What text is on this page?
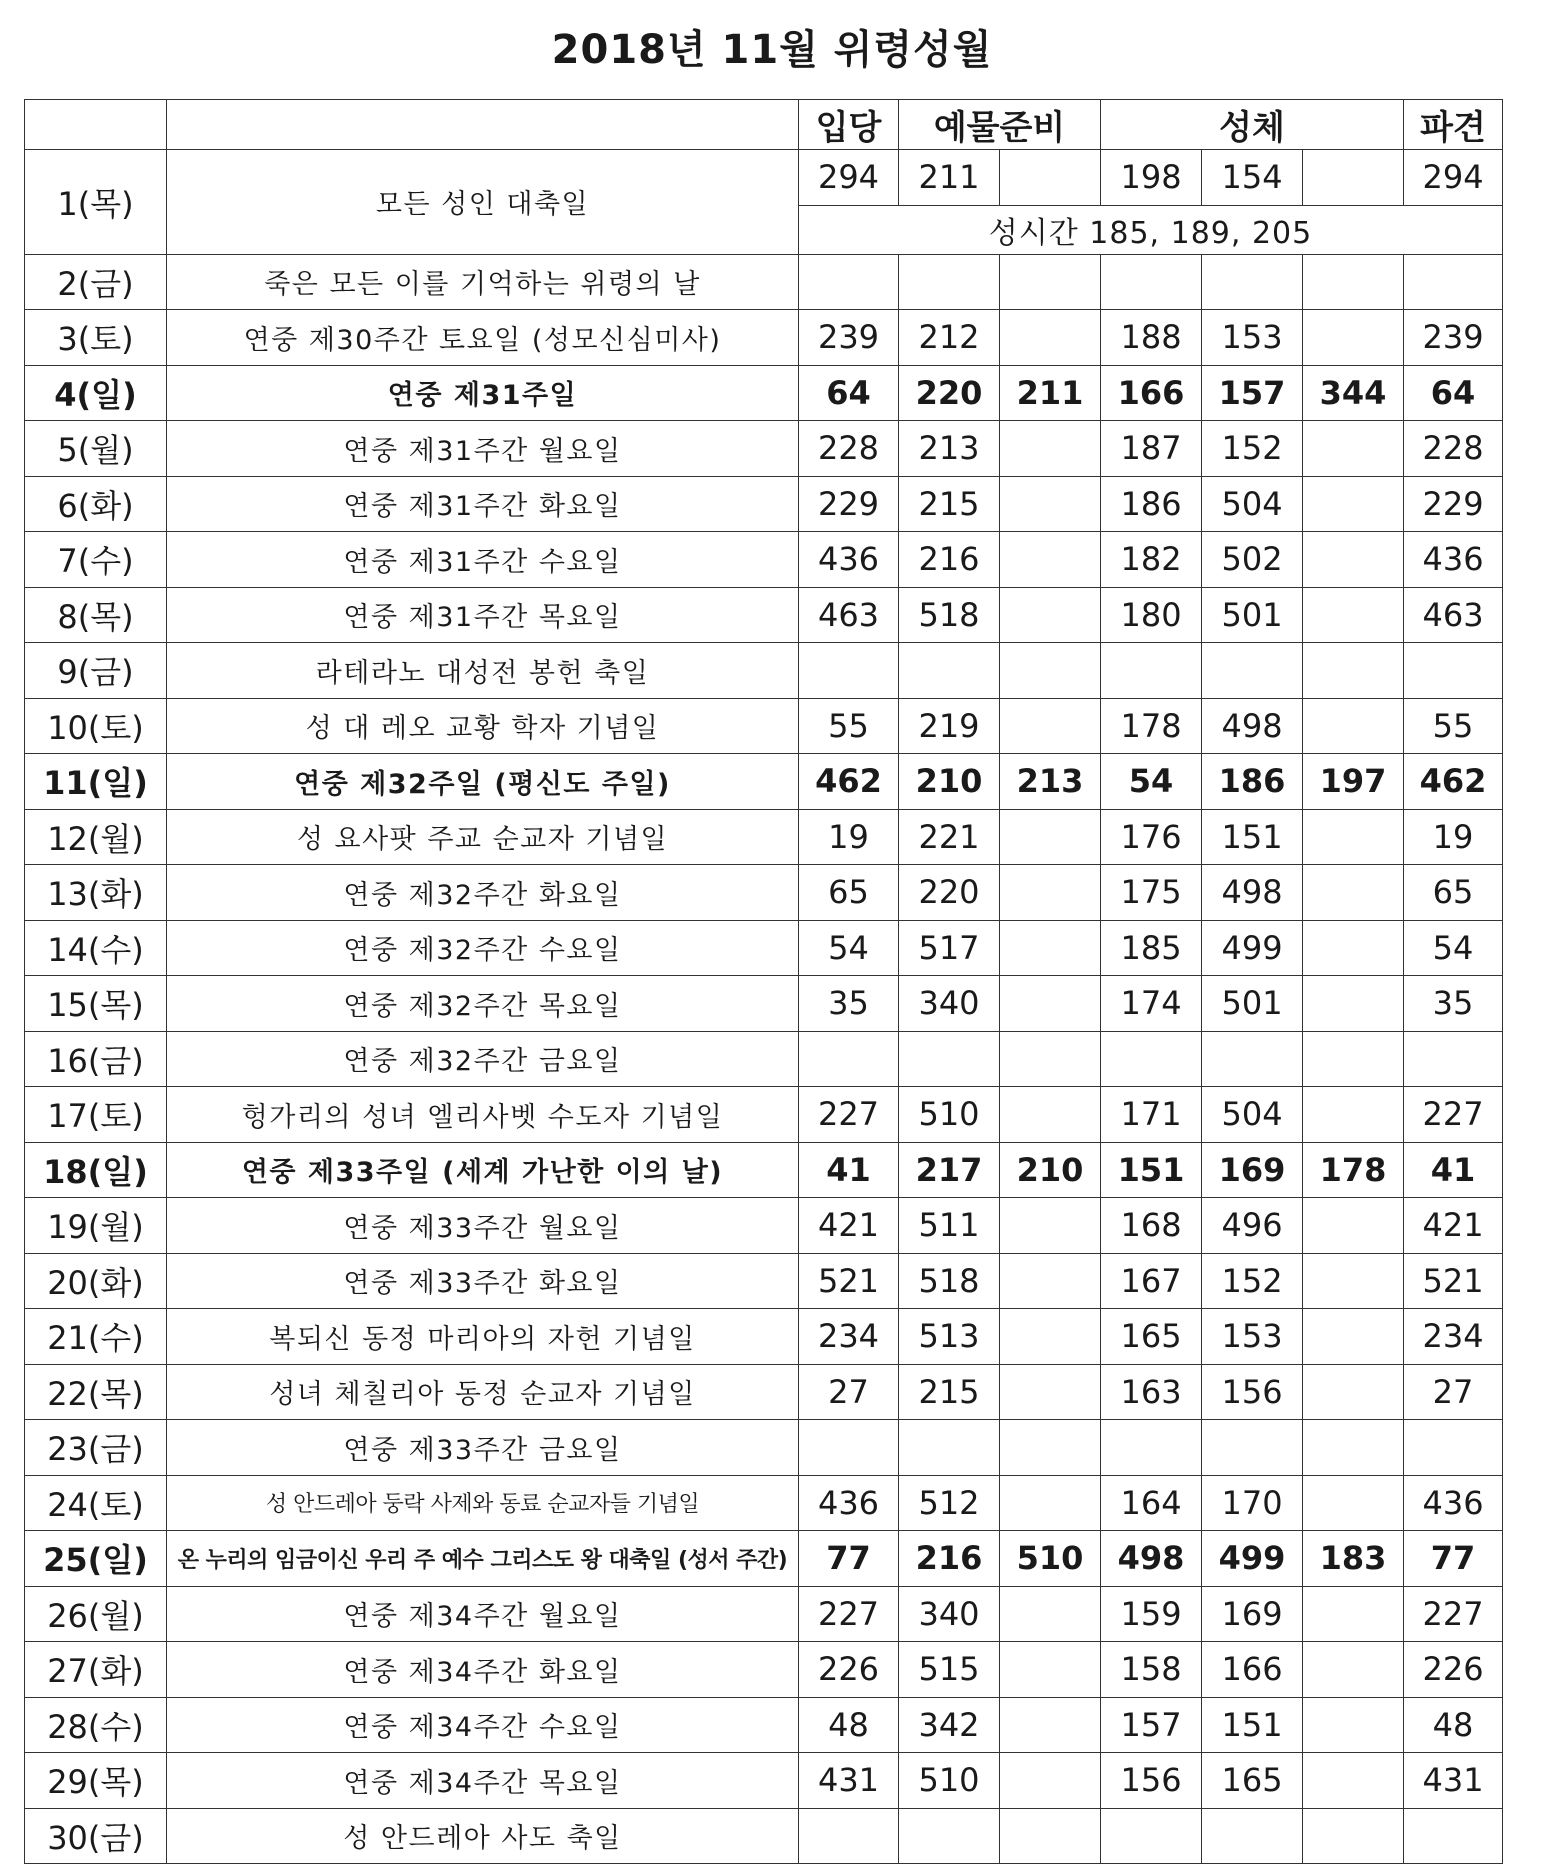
2018년 11월 위령성월
		입당	예물준비		성체			파견
1(목)	모든 성인 대축일	294	211		198	154		294
		성시간 185, 189, 205						
2(금)	죽은 모든 이를 기억하는 위령의 날							
3(토)	연중 제30주간 토요일 (성모신심미사)	239	212		188	153		239
4(일)	연중 제31주일	64	220	211	166	157	344	64
5(월)	연중 제31주간 월요일	228	213		187	152		228
6(화)	연중 제31주간 화요일	229	215		186	504		229
7(수)	연중 제31주간 수요일	436	216		182	502		436
8(목)	연중 제31주간 목요일	463	518		180	501		463
9(금)	라테라노 대성전 봉헌 축일							
10(토)	성 대 레오 교황 학자 기념일	55	219		178	498		55
11(일)	연중 제32주일 (평신도 주일)	462	210	213	54	186	197	462
12(월)	성 요사팟 주교 순교자 기념일	19	221		176	151		19
13(화)	연중 제32주간 화요일	65	220		175	498		65
14(수)	연중 제32주간 수요일	54	517		185	499		54
15(목)	연중 제32주간 목요일	35	340		174	501		35
16(금)	연중 제32주간 금요일							
17(토)	헝가리의 성녀 엘리사벳 수도자 기념일	227	510		171	504		227
18(일)	연중 제33주일 (세계 가난한 이의 날)	41	217	210	151	169	178	41
19(월)	연중 제33주간 월요일	421	511		168	496		421
20(화)	연중 제33주간 화요일	521	518		167	152		521
21(수)	복되신 동정 마리아의 자헌 기념일	234	513		165	153		234
22(목)	성녀 체칠리아 동정 순교자 기념일	27	215		163	156		27
23(금)	연중 제33주간 금요일							
24(토)	성 안드레아 둥락 사제와 동료 순교자들 기념일	436	512		164	170		436
25(일)	온 누리의 임금이신 우리 주 예수 그리스도 왕 대축일 (성서 주간)	77	216	510	498	499	183	77
26(월)	연중 제34주간 월요일	227	340		159	169		227
27(화)	연중 제34주간 화요일	226	515		158	166		226
28(수)	연중 제34주간 수요일	48	342		157	151		48
29(목)	연중 제34주간 목요일	431	510		156	165		431
30(금)	성 안드레아 사도 축일							
